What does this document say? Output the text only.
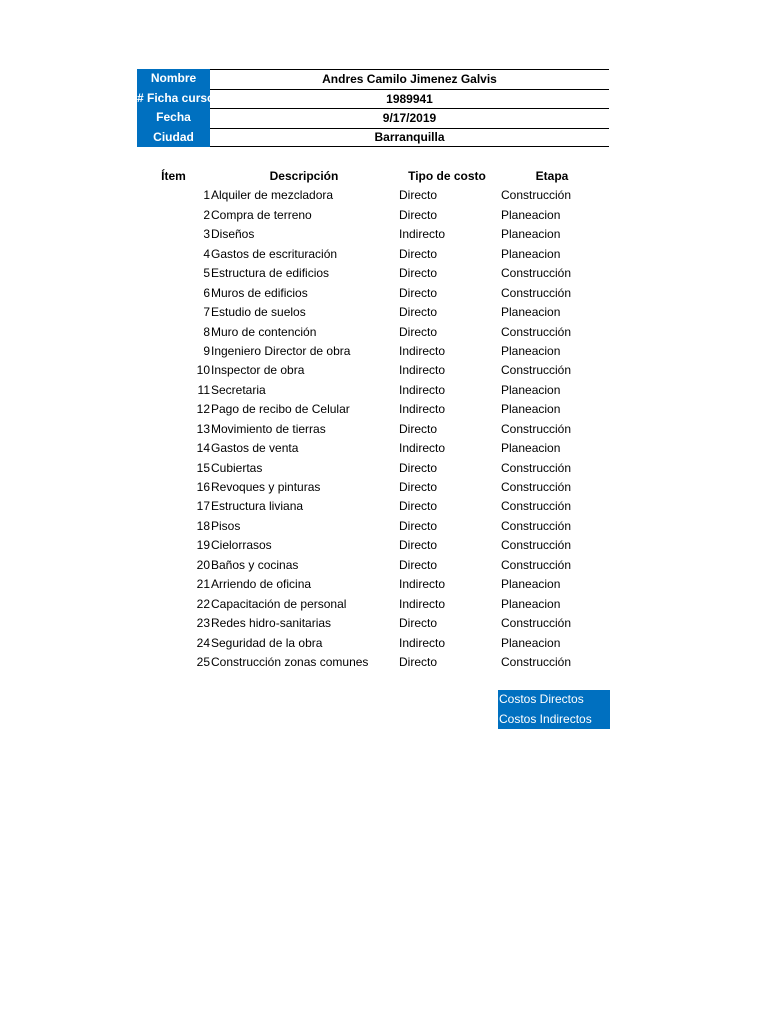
Nombre	Andres Camilo Jimenez Galvis
# Ficha curso	1989941
Fecha	9/17/2019
Ciudad	Barranquilla
Ítem	Descripción	Tipo de costo	Etapa
1 Alquiler de mezcladora	Directo	Construcción
2 Compra de terreno	Directo	Planeacion
3 Diseños	Indirecto	Planeacion
4 Gastos de escrituración	Directo	Planeacion
5 Estructura de edificios	Directo	Construcción
6 Muros de edificios	Directo	Construcción
7 Estudio de suelos	Directo	Planeacion
8 Muro de contención	Directo	Construcción
9 Ingeniero Director de obra	Indirecto	Planeacion
10 Inspector de obra	Indirecto	Construcción
11 Secretaria	Indirecto	Planeacion
12 Pago de recibo de Celular	Indirecto	Planeacion
13 Movimiento de tierras	Directo	Construcción
14 Gastos de venta	Indirecto	Planeacion
15 Cubiertas	Directo	Construcción
16 Revoques y pinturas	Directo	Construcción
17 Estructura liviana	Directo	Construcción
18 Pisos	Directo	Construcción
19 Cielorrasos	Directo	Construcción
20 Baños y cocinas	Directo	Construcción
21 Arriendo de oficina	Indirecto	Planeacion
22 Capacitación de personal	Indirecto	Planeacion
23 Redes hidro-sanitarias	Directo	Construcción
24 Seguridad de la obra	Indirecto	Planeacion
25 Construcción zonas comunes	Directo	Construcción
Costos Directos
Costos Indirectos
